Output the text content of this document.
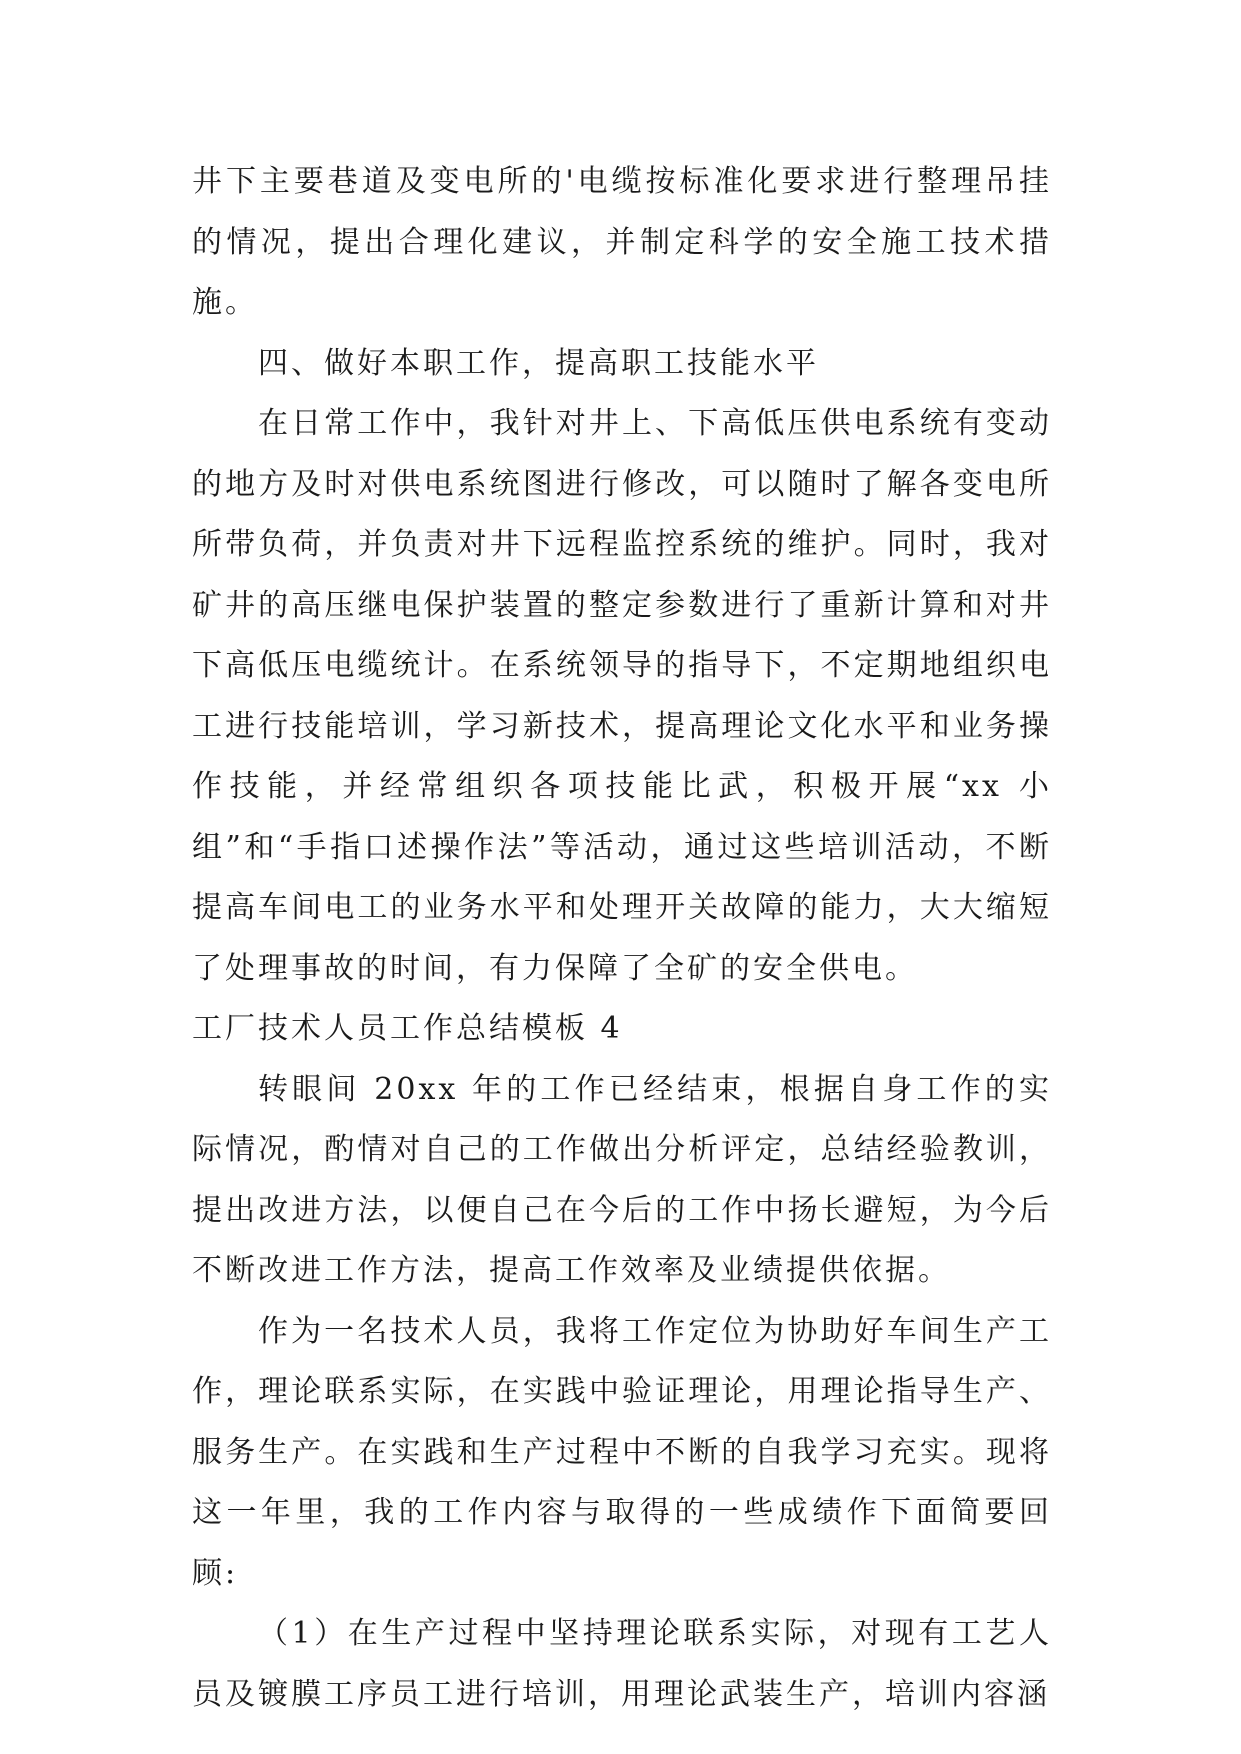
井下主要巷道及变电所的'电缆按标准化要求进行整理吊挂的情况，提出合理化建议，并制定科学的安全施工技术措施。

四、做好本职工作，提高职工技能水平

在日常工作中，我针对井上、下高低压供电系统有变动的地方及时对供电系统图进行修改，可以随时了解各变电所所带负荷，并负责对井下远程监控系统的维护。同时，我对矿井的高压继电保护装置的整定参数进行了重新计算和对井下高低压电缆统计。在系统领导的指导下，不定期地组织电工进行技能培训，学习新技术，提高理论文化水平和业务操作技能，并经常组织各项技能比武，积极开展“xx 小组”和“手指口述操作法”等活动，通过这些培训活动，不断提高车间电工的业务水平和处理开关故障的能力，大大缩短了处理事故的时间，有力保障了全矿的安全供电。

工厂技术人员工作总结模板 4

转眼间 20xx 年的工作已经结束，根据自身工作的实际情况，酌情对自己的工作做出分析评定，总结经验教训，提出改进方法，以便自己在今后的工作中扬长避短，为今后不断改进工作方法，提高工作效率及业绩提供依据。

作为一名技术人员，我将工作定位为协助好车间生产工作，理论联系实际，在实践中验证理论，用理论指导生产、服务生产。在实践和生产过程中不断的自我学习充实。现将这一年里，我的工作内容与取得的一些成绩作下面简要回顾:

（1）在生产过程中坚持理论联系实际，对现有工艺人员及镀膜工序员工进行培训，用理论武装生产，培训内容涵
